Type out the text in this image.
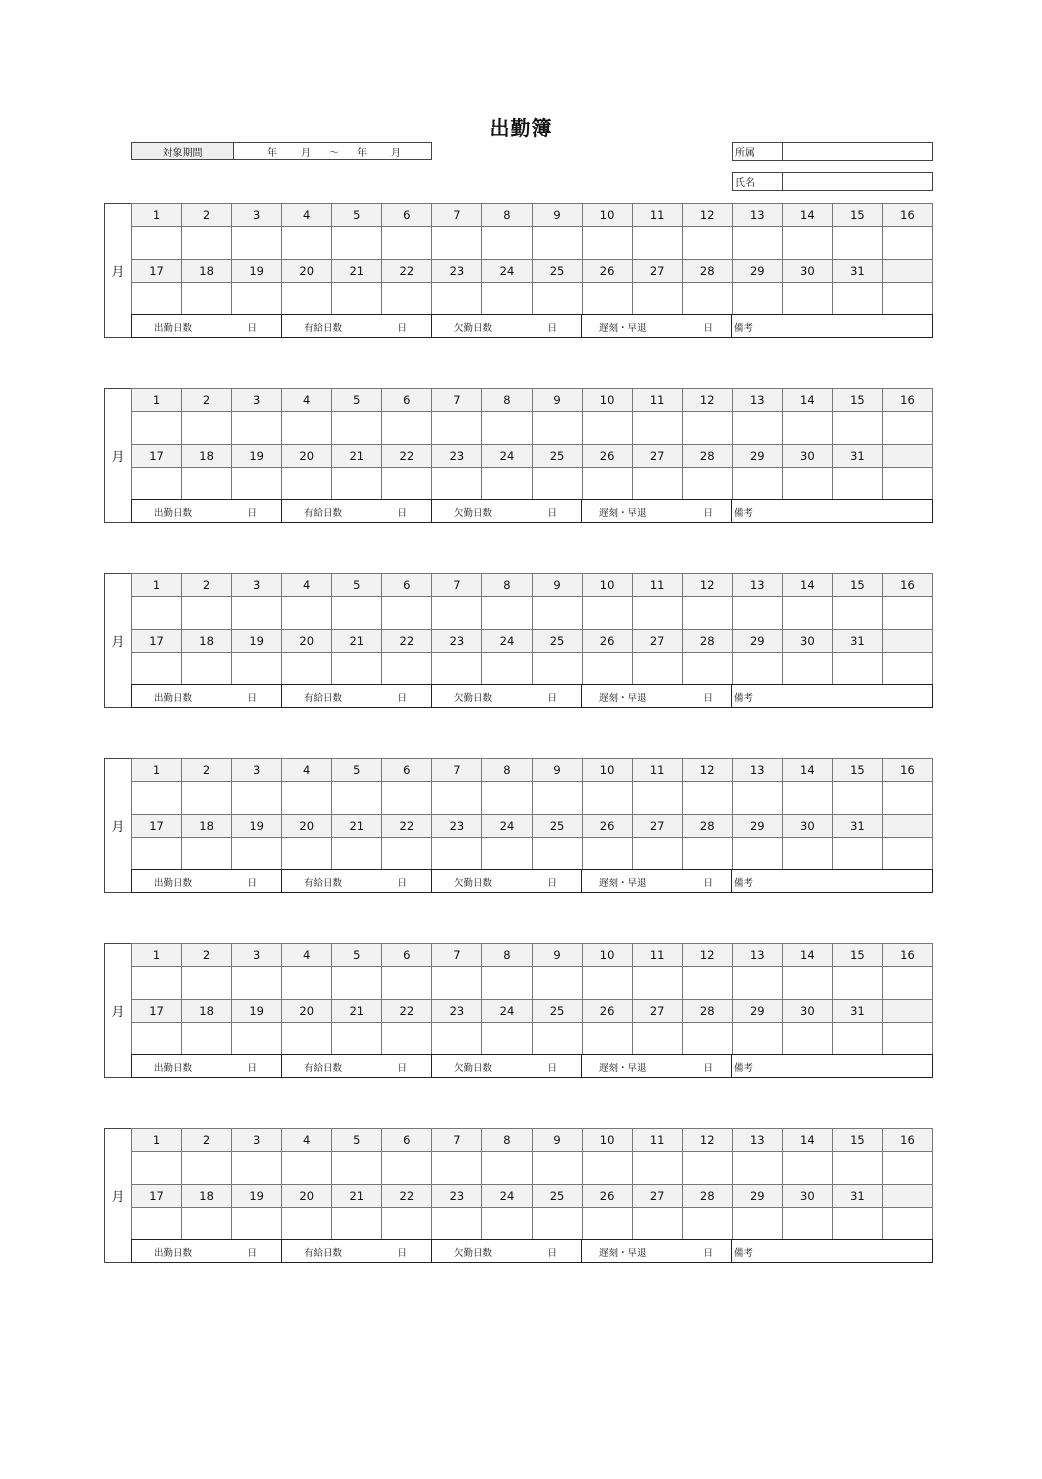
出勤簿
対象期間	年 月 ～ 年 月	所属
氏名
月
1	2	3	4	5	6	7	8	9	10	11	12	13	14	15	16

17	18	19	20	21	22	23	24	25	26	27	28	29	30	31	

出勤日数	日	有給日数	日	欠勤日数	日	遅刻・早退	日 備考
月
1	2	3	4	5	6	7	8	9	10	11	12	13	14	15	16

17	18	19	20	21	22	23	24	25	26	27	28	29	30	31	

出勤日数	日	有給日数	日	欠勤日数	日	遅刻・早退	日 備考
月
1	2	3	4	5	6	7	8	9	10	11	12	13	14	15	16

17	18	19	20	21	22	23	24	25	26	27	28	29	30	31	

出勤日数	日	有給日数	日	欠勤日数	日	遅刻・早退	日 備考
月
1	2	3	4	5	6	7	8	9	10	11	12	13	14	15	16

17	18	19	20	21	22	23	24	25	26	27	28	29	30	31	

出勤日数	日	有給日数	日	欠勤日数	日	遅刻・早退	日 備考
月
1	2	3	4	5	6	7	8	9	10	11	12	13	14	15	16

17	18	19	20	21	22	23	24	25	26	27	28	29	30	31	

出勤日数	日	有給日数	日	欠勤日数	日	遅刻・早退	日 備考
月
1	2	3	4	5	6	7	8	9	10	11	12	13	14	15	16

17	18	19	20	21	22	23	24	25	26	27	28	29	30	31	

出勤日数	日	有給日数	日	欠勤日数	日	遅刻・早退	日 備考
